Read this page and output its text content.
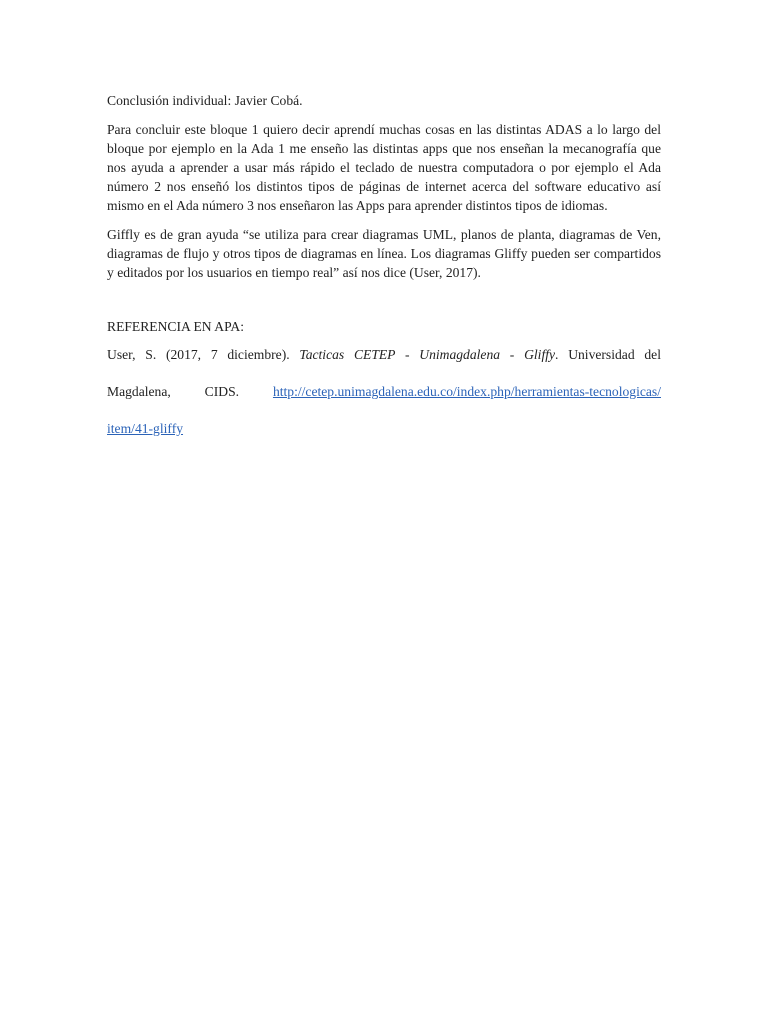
Conclusión individual: Javier Cobá.

Para concluir este bloque 1 quiero decir aprendí muchas cosas en las distintas ADAS a lo largo del bloque por ejemplo en la Ada 1 me enseño las distintas apps que nos enseñan la mecanografía que nos ayuda a aprender a usar más rápido el teclado de nuestra computadora o por ejemplo el Ada número 2 nos enseñó los distintos tipos de páginas de internet acerca del software educativo así mismo en el Ada número 3 nos enseñaron las Apps para aprender distintos tipos de idiomas.

Giffly es de gran ayuda “se utiliza para crear diagramas UML, planos de planta, diagramas de Ven, diagramas de flujo y otros tipos de diagramas en línea. Los diagramas Gliffy pueden ser compartidos y editados por los usuarios en tiempo real” así nos dice (User, 2017).

REFERENCIA EN APA:

User, S. (2017, 7 diciembre). Tacticas CETEP - Unimagdalena - Gliffy. Universidad del

Magdalena, CIDS. http://cetep.unimagdalena.edu.co/index.php/herramientas-tecnologicas/

item/41-gliffy
